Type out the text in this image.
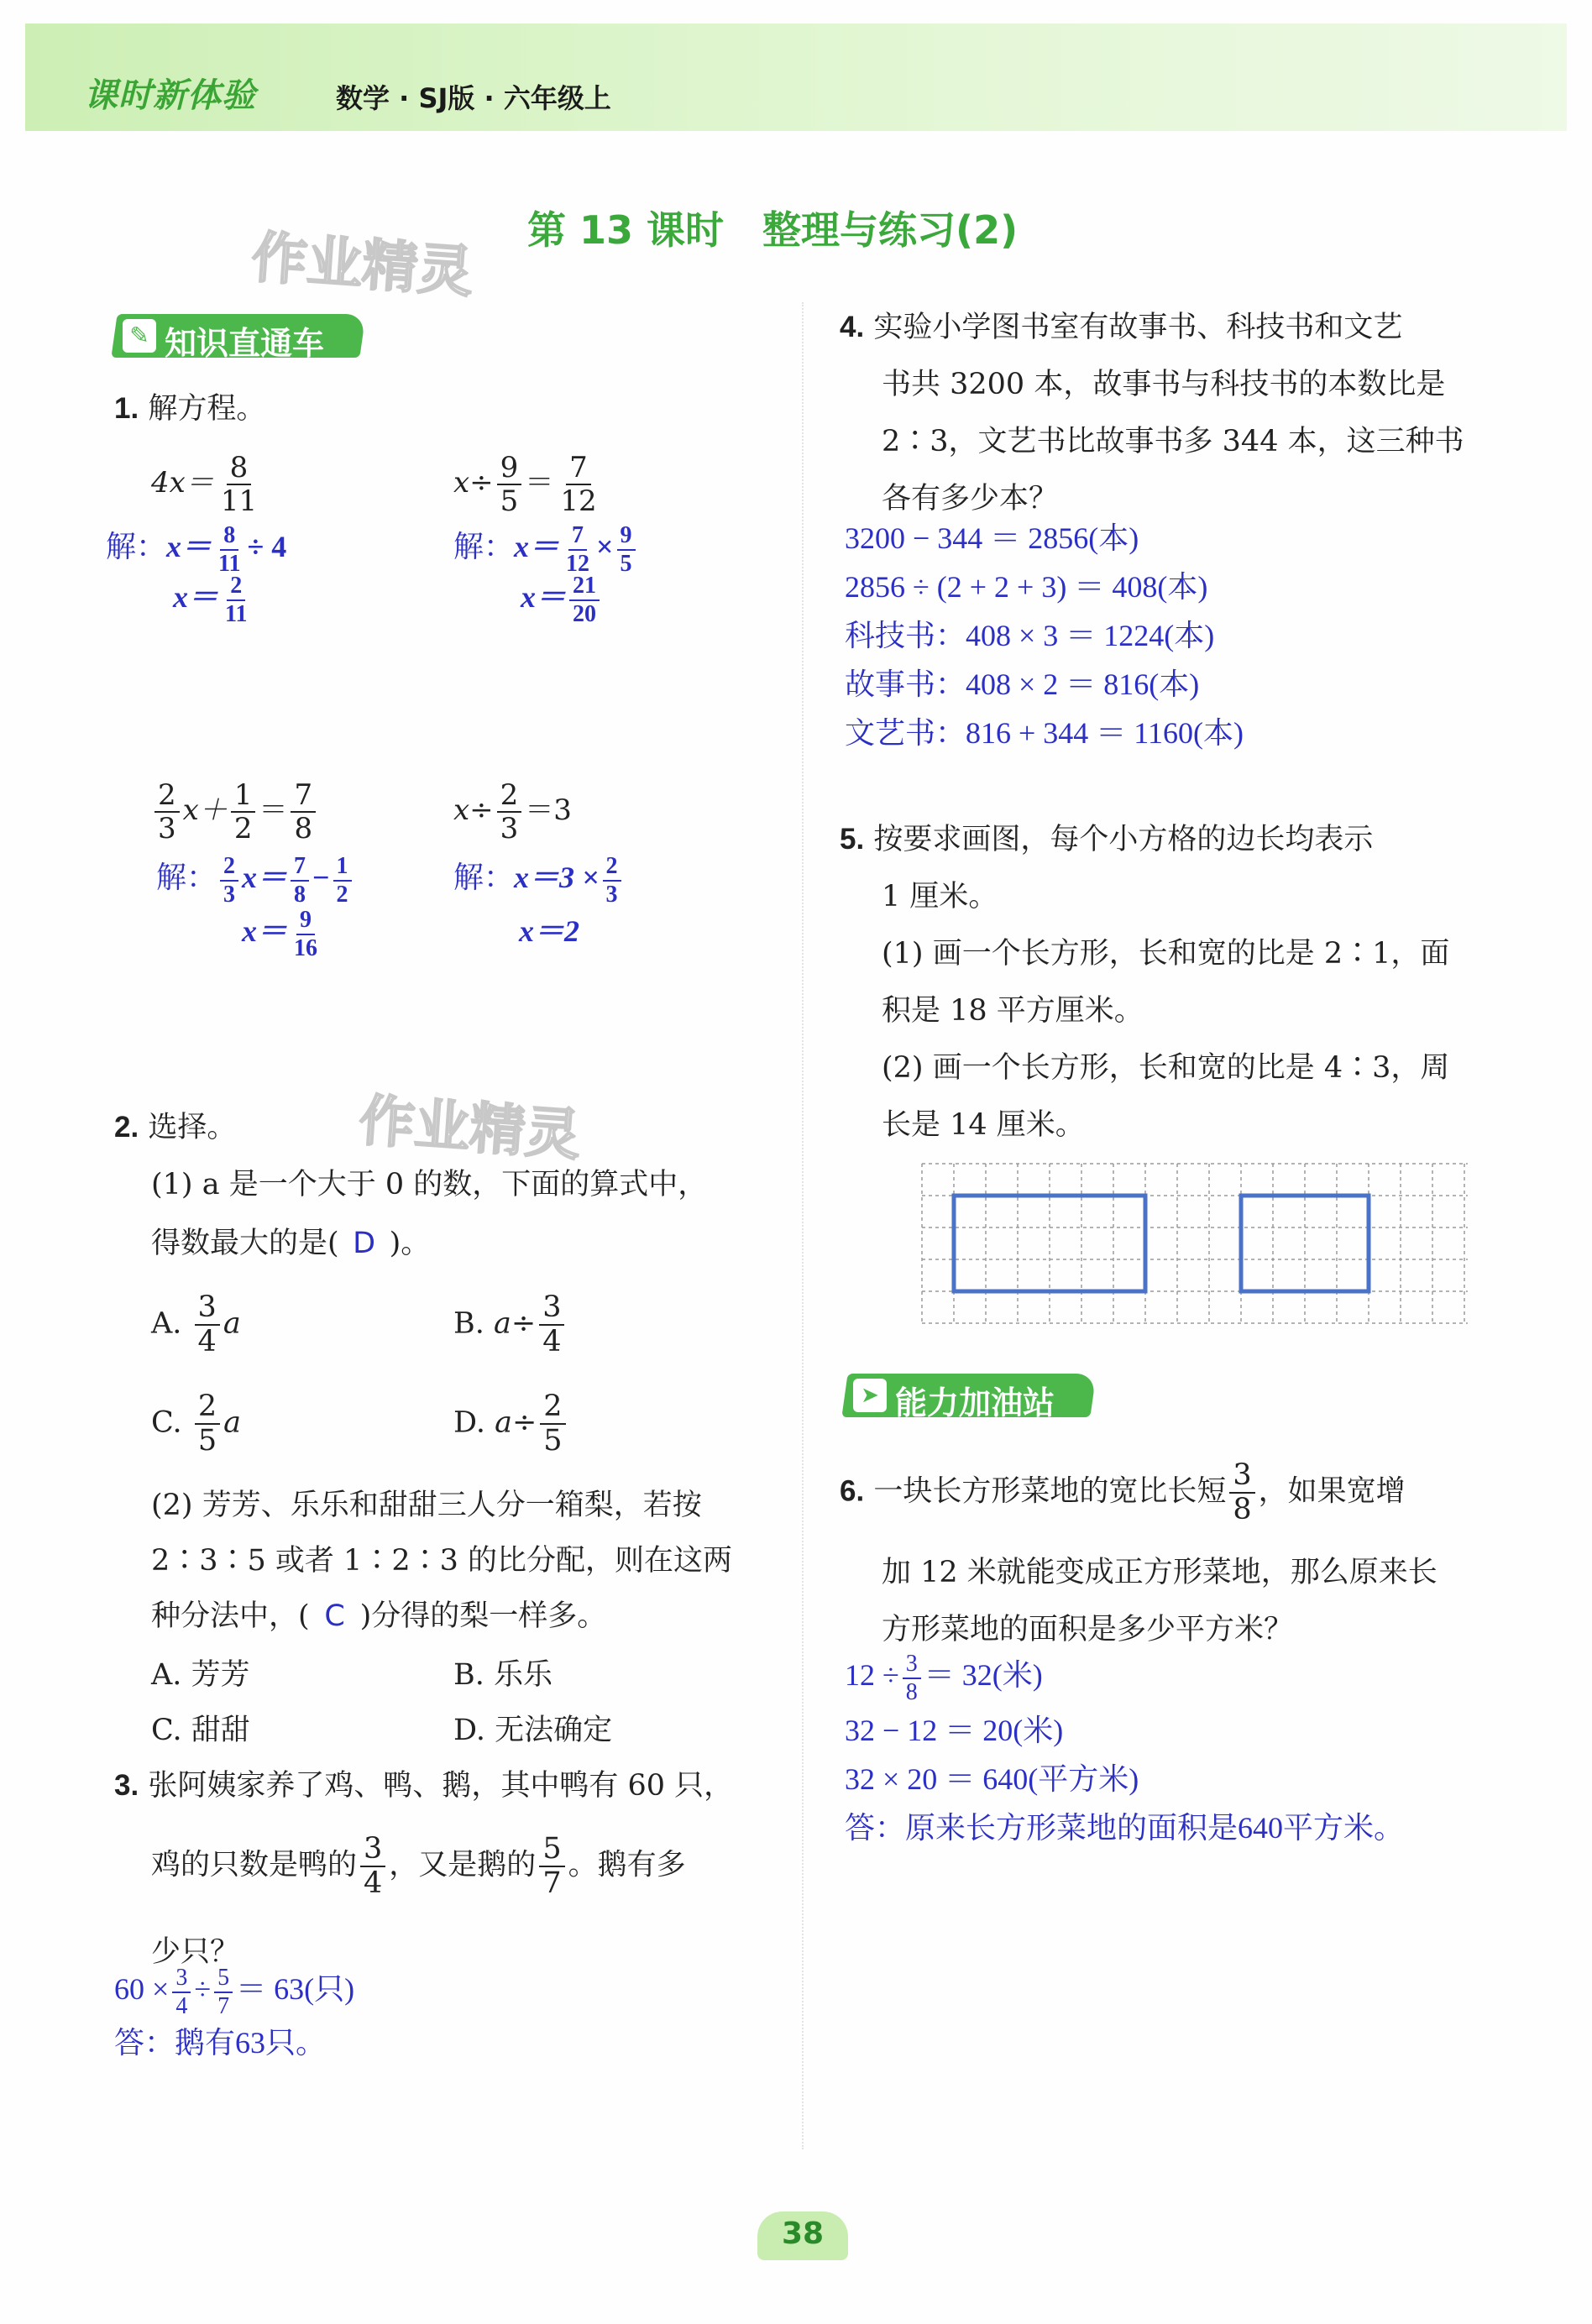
课时新体验	数学 · SJ版 · 六年级上
作业精灵
作业精灵
第 13 课时　整理与练习(2)
✎ 知识直通车
1. 解方程。
$4x= \frac{8}{11}$
解：$x= \frac{8}{11} \div 4$
$x= \frac{2}{11}$
$x\div \frac{9}{5} = \frac{7}{12}$
解：$x= \frac{7}{12} \times \frac{9}{5}$
$x= \frac{21}{20}$
$\frac{2}{3} x+ \frac{1}{2} = \frac{7}{8}$
解： $\frac{2}{3} x= \frac{7}{8} - \frac{1}{2}$
$x= \frac{9}{16}$
$x\div \frac{2}{3} =3$
解：$x=3 \times \frac{2}{3}$
x＝2
2. 选择。
(1) a 是一个大于 0 的数，下面的算式中，
得数最大的是( D )。
A. $\frac{3}{4}$ a	B. $a\div \frac{3}{4}$
C. $\frac{2}{5}$ a	D. $a\div \frac{2}{5}$
(2) 芳芳、乐乐和甜甜三人分一箱梨，若按
2∶3∶5 或者 1∶2∶3 的比分配，则在这两
种分法中，( C )分得的梨一样多。
A. 芳芳	B. 乐乐
C. 甜甜	D. 无法确定
3. 张阿姨家养了鸡、鸭、鹅，其中鸭有 60 只，
鸡的只数是鸭的 $\frac{3}{4}$ ，又是鹅的 $\frac{5}{7}$ 。鹅有多
少只？
$60 \times \frac{3}{4} \div \frac{5}{7} = 63$(只)
答：鹅有63只。
4. 实验小学图书室有故事书、科技书和文艺
书共 3200 本，故事书与科技书的本数比是
2∶3，文艺书比故事书多 344 本，这三种书
各有多少本？
3200 − 344 ＝ 2856(本)
2856 ÷ (2 + 2 + 3) ＝ 408(本)
科技书：408 × 3 ＝ 1224(本)
故事书：408 × 2 ＝ 816(本)
文艺书：816 + 344 ＝ 1160(本)
5. 按要求画图，每个小方格的边长均表示
1 厘米。
(1) 画一个长方形，长和宽的比是 2∶1，面
积是 18 平方厘米。
(2) 画一个长方形，长和宽的比是 4∶3，周
长是 14 厘米。
➤ 能力加油站
6. 一块长方形菜地的宽比长短 $\frac{3}{8}$ ，如果宽增
加 12 米就能变成正方形菜地，那么原来长
方形菜地的面积是多少平方米？
$12 \div \frac{3}{8} = 32$(米)
32 − 12 ＝ 20(米)
32 × 20 ＝ 640(平方米)
答：原来长方形菜地的面积是640平方米。
38
